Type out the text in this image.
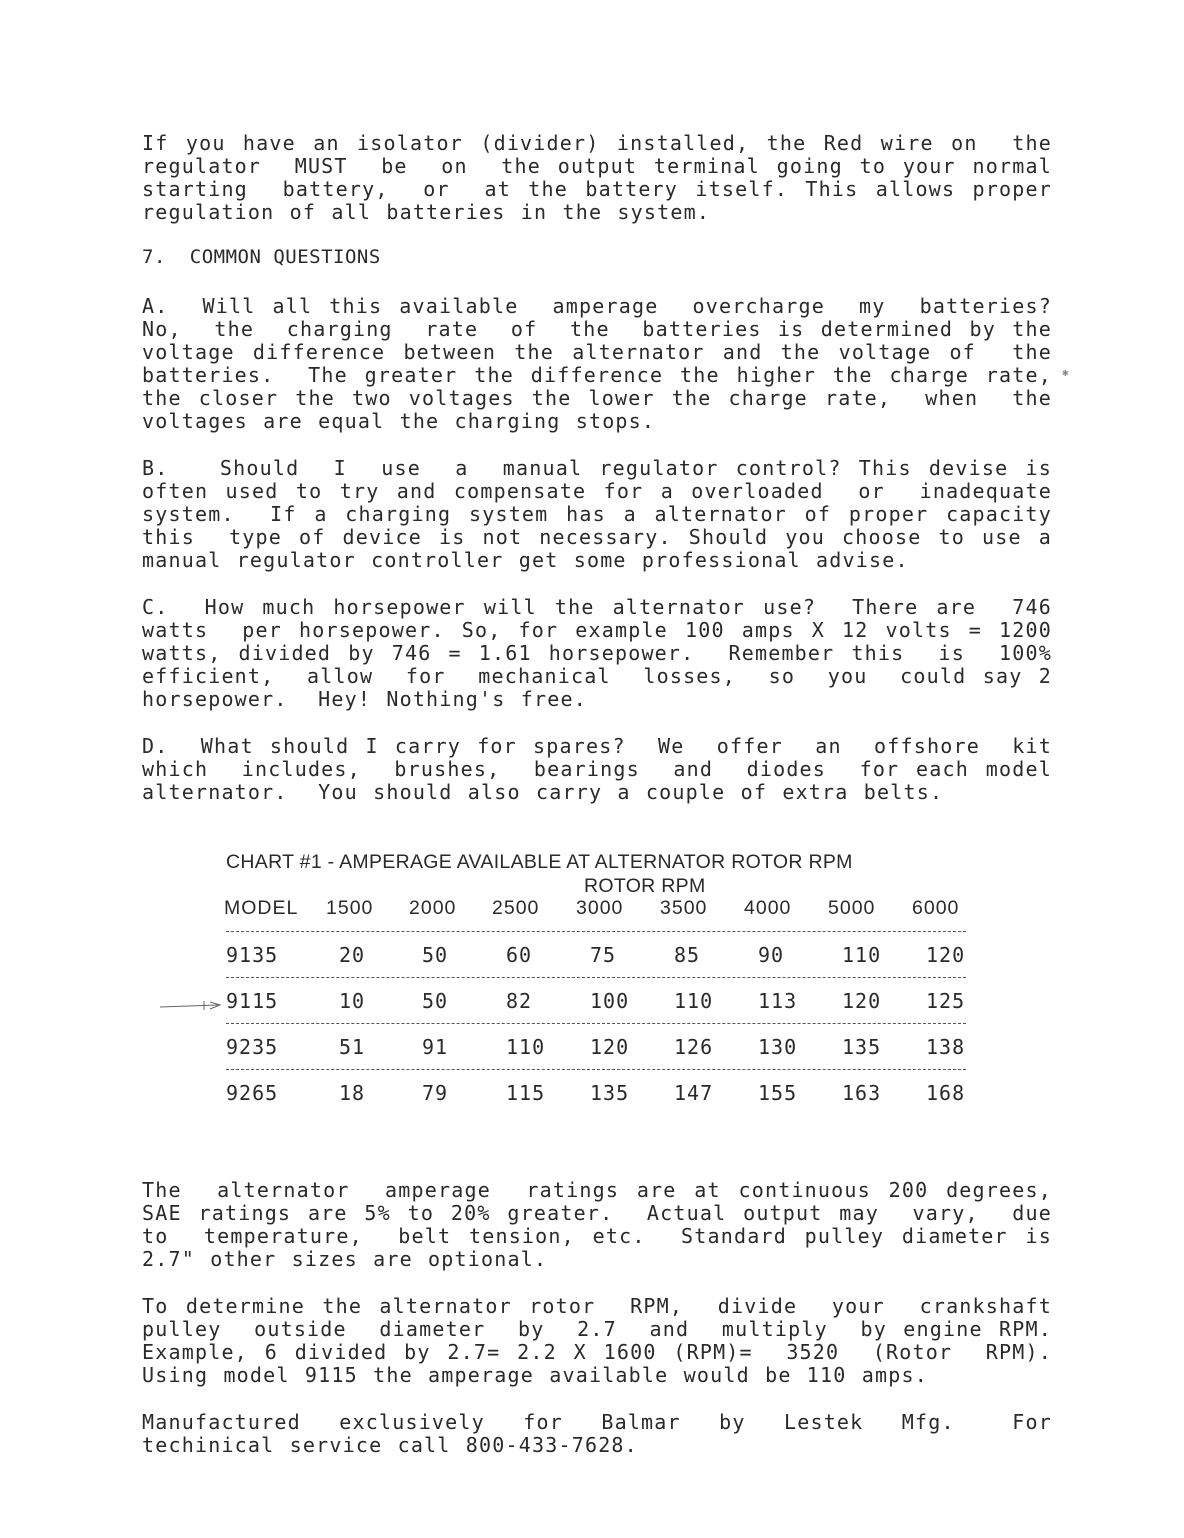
If you have an isolator (divider) installed, the Red wire on  the
regulator  MUST  be  on  the output terminal going to your normal
starting  battery,  or  at the battery itself. This allows proper
regulation of all batteries in the system.

7.  COMMON QUESTIONS

A.  Will all this available  amperage  overcharge  my  batteries?
No,  the  charging  rate  of  the  batteries is determined by the
voltage difference between the alternator and the voltage of  the
batteries.  The greater the difference the higher the charge rate,
the closer the two voltages the lower the charge rate,  when  the
voltages are equal the charging stops.

B.   Should  I  use  a  manual regulator control? This devise is
often used to try and compensate for a overloaded  or  inadequate
system.  If a charging system has a alternator of proper capacity
this  type of device is not necessary. Should you choose to use a
manual regulator controller get some professional advise.

C.  How much horsepower will the alternator use?  There are  746
watts  per horsepower. So, for example 100 amps X 12 volts = 1200
watts, divided by 746 = 1.61 horsepower.  Remember this  is  100%
efficient,  allow  for  mechanical  losses,  so  you  could say 2
horsepower.  Hey! Nothing's free.

D.  What should I carry for spares?  We  offer  an  offshore  kit
which  includes,  brushes,  bearings  and  diodes  for each model
alternator.  You should also carry a couple of extra belts.

CHART #1 - AMPERAGE AVAILABLE AT ALTERNATOR ROTOR RPM
ROTOR RPM
MODEL 1500 2000 2500 3000 3500 4000 5000 6000
9135	20	50	60	75	85	90	110 120
9115	10	50	82	100 110 113 120 125
9235	51	91	110 120 126 130 135 138
9265	18	79	115 135 147 155 163 168

The  alternator  amperage  ratings are at continuous 200 degrees,
SAE ratings are 5% to 20% greater.  Actual output may  vary,  due
to  temperature,  belt tension, etc.  Standard pulley diameter is
2.7" other sizes are optional.

To determine the alternator rotor  RPM,  divide  your  crankshaft
pulley  outside  diameter  by  2.7  and  multiply  by engine RPM.
Example, 6 divided by 2.7= 2.2 X 1600 (RPM)=  3520  (Rotor  RPM).
Using model 9115 the amperage available would be 110 amps.

Manufactured  exclusively  for  Balmar  by  Lestek  Mfg.   For
techinical service call 800-433-7628.

✱
